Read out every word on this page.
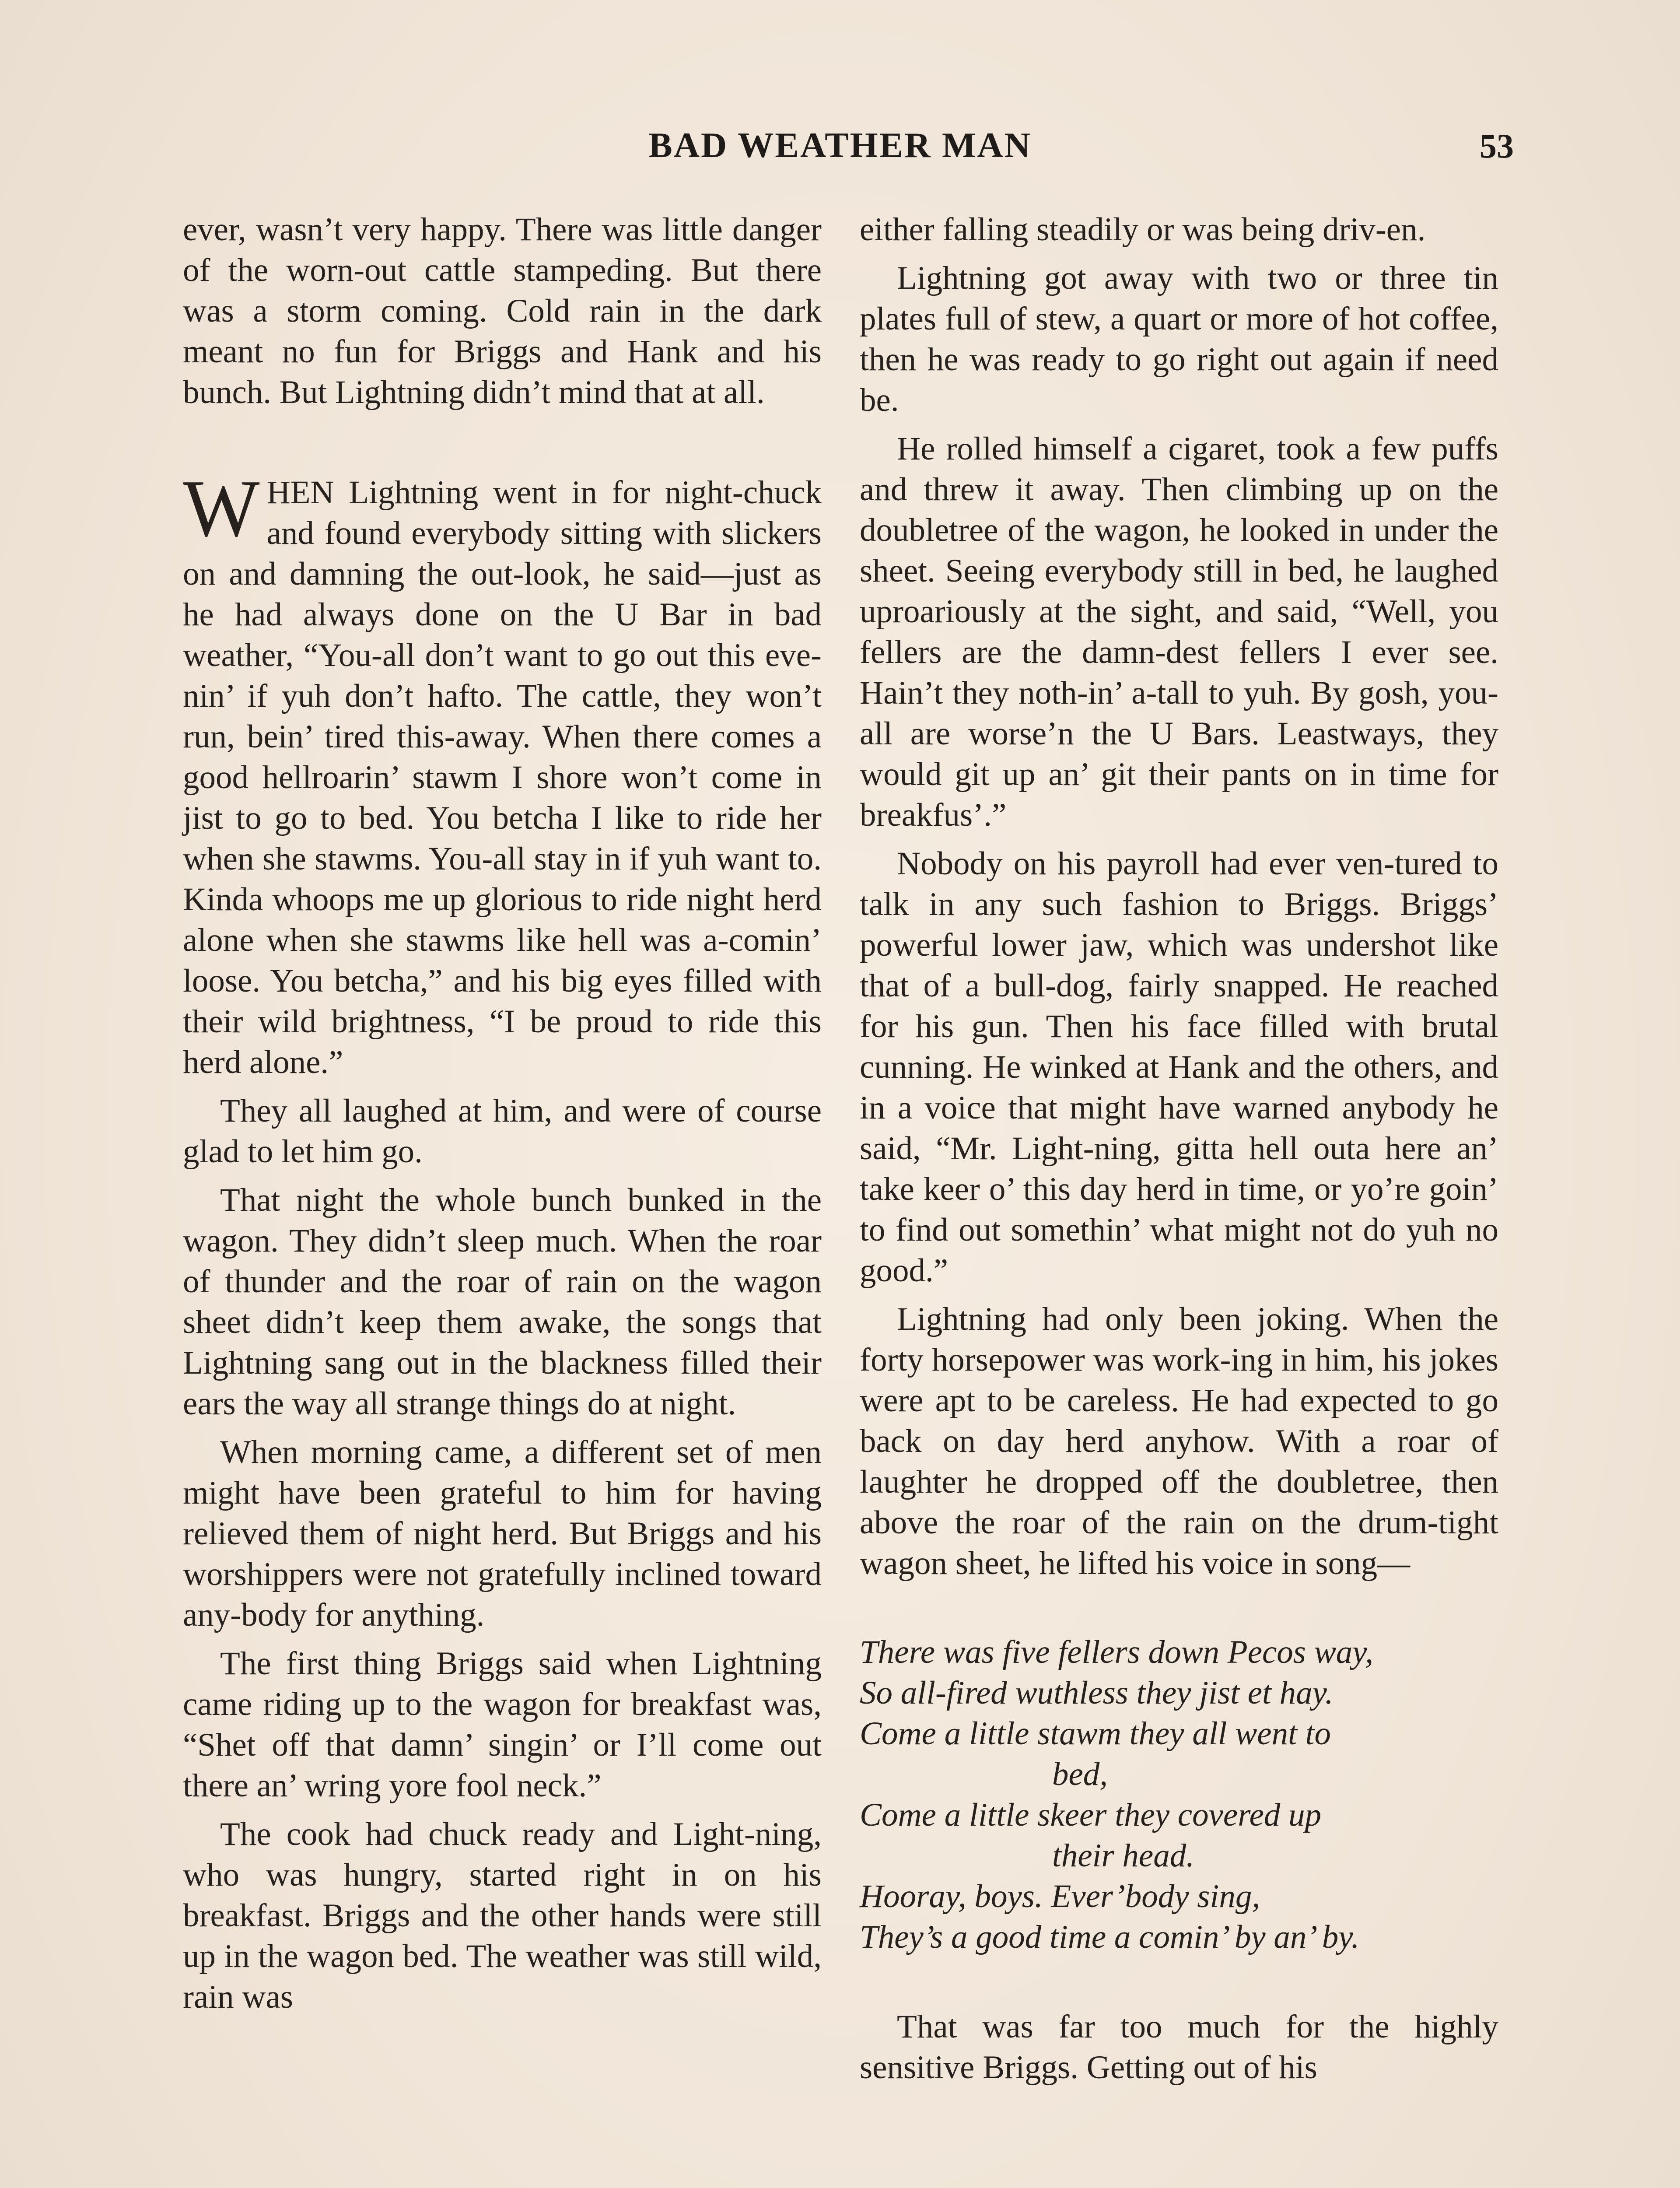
BAD WEATHER MAN	53

ever, wasn’t very happy. There was little danger of the worn-out cattle stampeding. But there was a storm coming. Cold rain in the dark meant no fun for Briggs and Hank and his bunch. But Lightning didn’t mind that at all.

WHEN Lightning went in for night-chuck and found everybody sitting with slickers on and damning the out-look, he said—just as he had always done on the U Bar in bad weather, “You-all don’t want to go out this eve-nin’ if yuh don’t hafto. The cattle, they won’t run, bein’ tired this-away. When there comes a good hellroarin’ stawm I shore won’t come in jist to go to bed. You betcha I like to ride her when she stawms. You-all stay in if yuh want to. Kinda whoops me up glorious to ride night herd alone when she stawms like hell was a-comin’ loose. You betcha,” and his big eyes filled with their wild brightness, “I be proud to ride this herd alone.”

They all laughed at him, and were of course glad to let him go.

That night the whole bunch bunked in the wagon. They didn’t sleep much. When the roar of thunder and the roar of rain on the wagon sheet didn’t keep them awake, the songs that Lightning sang out in the blackness filled their ears the way all strange things do at night.

When morning came, a different set of men might have been grateful to him for having relieved them of night herd. But Briggs and his worshippers were not gratefully inclined toward any-body for anything.

The first thing Briggs said when Lightning came riding up to the wagon for breakfast was, “Shet off that damn’ singin’ or I’ll come out there an’ wring yore fool neck.”

The cook had chuck ready and Light-ning, who was hungry, started right in on his breakfast. Briggs and the other hands were still up in the wagon bed. The weather was still wild, rain was

either falling steadily or was being driv-en.

Lightning got away with two or three tin plates full of stew, a quart or more of hot coffee, then he was ready to go right out again if need be.

He rolled himself a cigaret, took a few puffs and threw it away. Then climbing up on the doubletree of the wagon, he looked in under the sheet. Seeing everybody still in bed, he laughed uproariously at the sight, and said, “Well, you fellers are the damn-dest fellers I ever see. Hain’t they noth-in’ a-tall to yuh. By gosh, you-all are worse’n the U Bars. Leastways, they would git up an’ git their pants on in time for breakfus’.”

Nobody on his payroll had ever ven-tured to talk in any such fashion to Briggs. Briggs’ powerful lower jaw, which was undershot like that of a bull-dog, fairly snapped. He reached for his gun. Then his face filled with brutal cunning. He winked at Hank and the others, and in a voice that might have warned anybody he said, “Mr. Light-ning, gitta hell outa here an’ take keer o’ this day herd in time, or yo’re goin’ to find out somethin’ what might not do yuh no good.”

Lightning had only been joking. When the forty horsepower was work-ing in him, his jokes were apt to be careless. He had expected to go back on day herd anyhow. With a roar of laughter he dropped off the doubletree, then above the roar of the rain on the drum-tight wagon sheet, he lifted his voice in song—

There was five fellers down Pecos way,
So all-fired wuthless they jist et hay.
Come a little stawm they all went to
bed,
Come a little skeer they covered up
their head.
Hooray, boys. Ever’body sing,
They’s a good time a comin’ by an’ by.

That was far too much for the highly sensitive Briggs. Getting out of his
